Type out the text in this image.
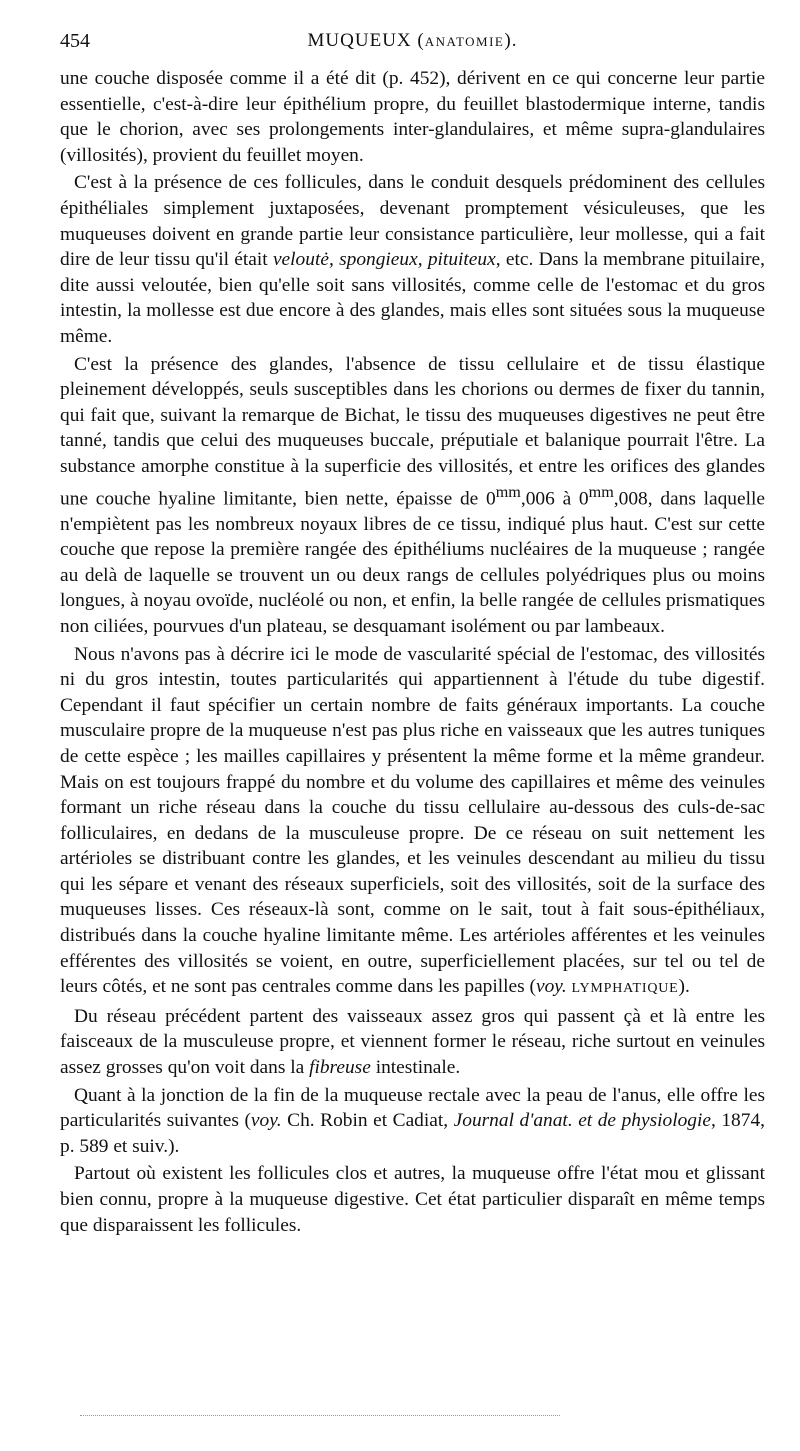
454	MUQUEUX (ANATOMIE).

une couche disposée comme il a été dit (p. 452), dérivent en ce qui concerne leur partie essentielle, c'est-à-dire leur épithélium propre, du feuillet blastodermique interne, tandis que le chorion, avec ses prolongements inter-glandulaires, et même supra-glandulaires (villosités), provient du feuillet moyen.

C'est à la présence de ces follicules, dans le conduit desquels prédominent des cellules épithéliales simplement juxtaposées, devenant promptement vésiculeuses, que les muqueuses doivent en grande partie leur consistance particulière, leur mollesse, qui a fait dire de leur tissu qu'il était veloutė, spongieux, pituiteux, etc. Dans la membrane pituilaire, dite aussi veloutée, bien qu'elle soit sans villosités, comme celle de l'estomac et du gros intestin, la mollesse est due encore à des glandes, mais elles sont situées sous la muqueuse même.

C'est la présence des glandes, l'absence de tissu cellulaire et de tissu élastique pleinement développés, seuls susceptibles dans les chorions ou dermes de fixer du tannin, qui fait que, suivant la remarque de Bichat, le tissu des muqueuses digestives ne peut être tanné, tandis que celui des muqueuses buccale, préputiale et balanique pourrait l'être. La substance amorphe constitue à la superficie des villosités, et entre les orifices des glandes une couche hyaline limitante, bien nette, épaisse de $0^{mm},006$ à $0^{mm},008$, dans laquelle n'empiètent pas les nombreux noyaux libres de ce tissu, indiqué plus haut. C'est sur cette couche que repose la première rangée des épithéliums nucléaires de la muqueuse ; rangée au delà de laquelle se trouvent un ou deux rangs de cellules polyédriques plus ou moins longues, à noyau ovoïde, nucléolé ou non, et enfin, la belle rangée de cellules prismatiques non ciliées, pourvues d'un plateau, se desquamant isolément ou par lambeaux.

Nous n'avons pas à décrire ici le mode de vascularité spécial de l'estomac, des villosités ni du gros intestin, toutes particularités qui appartiennent à l'étude du tube digestif. Cependant il faut spécifier un certain nombre de faits généraux importants. La couche musculaire propre de la muqueuse n'est pas plus riche en vaisseaux que les autres tuniques de cette espèce ; les mailles capillaires y présentent la même forme et la même grandeur. Mais on est toujours frappé du nombre et du volume des capillaires et même des veinules formant un riche réseau dans la couche du tissu cellulaire au-dessous des culs-de-sac folliculaires, en dedans de la musculeuse propre. De ce réseau on suit nettement les artérioles se distribuant contre les glandes, et les veinules descendant au milieu du tissu qui les sépare et venant des réseaux superficiels, soit des villosités, soit de la surface des muqueuses lisses. Ces réseaux-là sont, comme on le sait, tout à fait sous-épithéliaux, distribués dans la couche hyaline limitante même. Les artérioles afférentes et les veinules efférentes des villosités se voient, en outre, superficiellement placées, sur tel ou tel de leurs côtés, et ne sont pas centrales comme dans les papilles (voy. LYMPHATIQUE).

Du réseau précédent partent des vaisseaux assez gros qui passent çà et là entre les faisceaux de la musculeuse propre, et viennent former le réseau, riche surtout en veinules assez grosses qu'on voit dans la fibreuse intestinale.

Quant à la jonction de la fin de la muqueuse rectale avec la peau de l'anus, elle offre les particularités suivantes (voy. Ch. Robin et Cadiat, Journal d'anat. et de physiologie, 1874, p. 589 et suiv.).

Partout où existent les follicules clos et autres, la muqueuse offre l'état mou et glissant bien connu, propre à la muqueuse digestive. Cet état particulier disparaît en même temps que disparaissent les follicules.
